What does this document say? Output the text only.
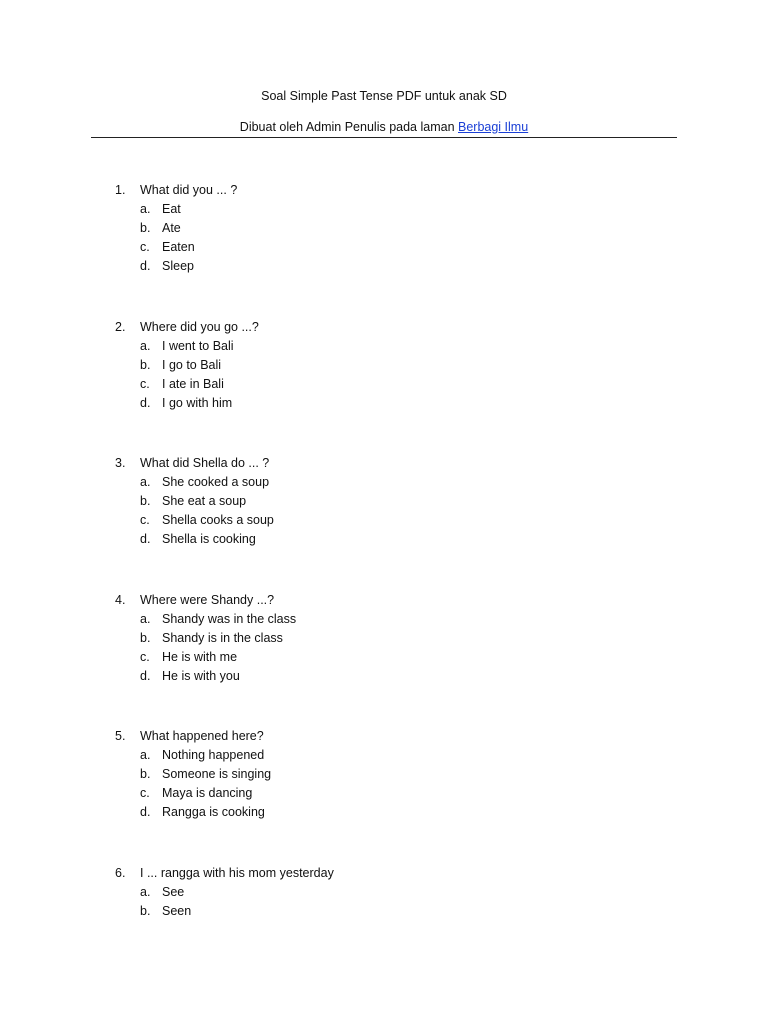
Soal Simple Past Tense PDF untuk anak SD
Dibuat oleh Admin Penulis pada laman Berbagi Ilmu
1.	What did you ... ?
a. Eat
b. Ate
c. Eaten
d. Sleep
2.	Where did you go ...?
a. I went to Bali
b. I go to Bali
c. I ate in Bali
d. I go with him
3.	What did Shella do ... ?
a. She cooked a soup
b. She eat a soup
c. Shella cooks a soup
d. Shella is cooking
4.	Where were Shandy ...?
a. Shandy was in the class
b. Shandy is in the class
c. He is with me
d. He is with you
5.	What happened here?
a. Nothing happened
b. Someone is singing
c. Maya is dancing
d. Rangga is cooking
6.	I ... rangga with his mom yesterday
a. See
b. Seen
